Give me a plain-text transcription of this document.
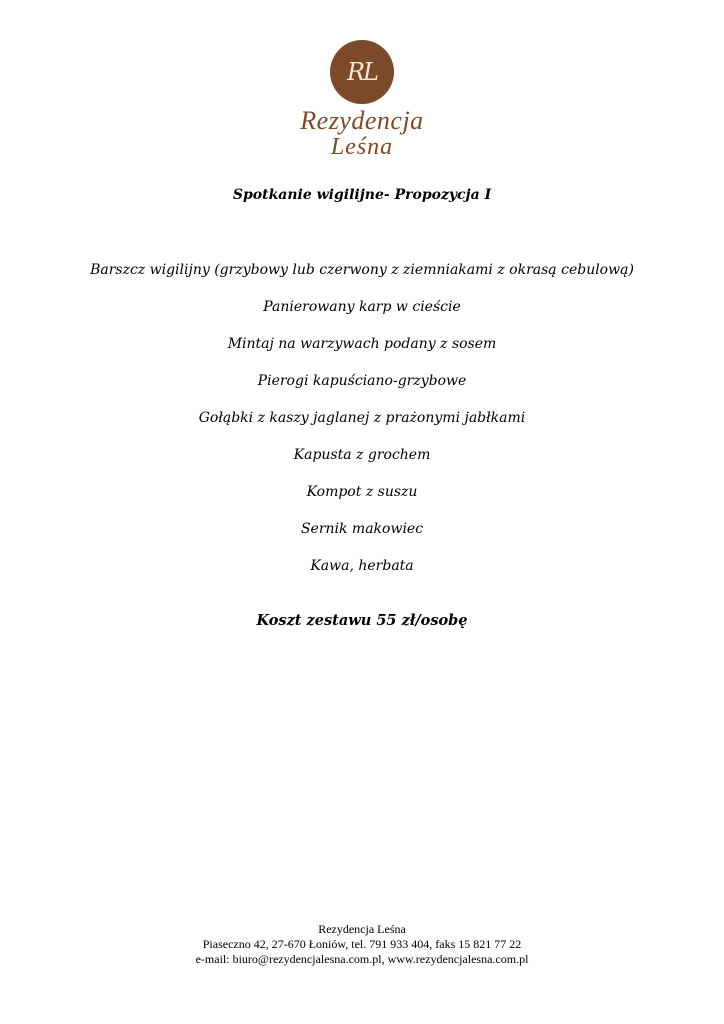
RL
Rezydencja
Leśna
Spotkanie wigilijne- Propozycja I
Barszcz wigilijny (grzybowy lub czerwony z ziemniakami z okrasą cebulową)
Panierowany karp w cieście
Mintaj na warzywach podany z sosem
Pierogi kapuściano-grzybowe
Gołąbki z kaszy jaglanej z prażonymi jabłkami
Kapusta z grochem
Kompot z suszu
Sernik makowiec
Kawa, herbata
Koszt zestawu 55 zł/osobę
Rezydencja Leśna
Piaseczno 42, 27-670 Łoniów, tel. 791 933 404, faks 15 821 77 22
e-mail: biuro@rezydencjalesna.com.pl, www.rezydencjalesna.com.pl
